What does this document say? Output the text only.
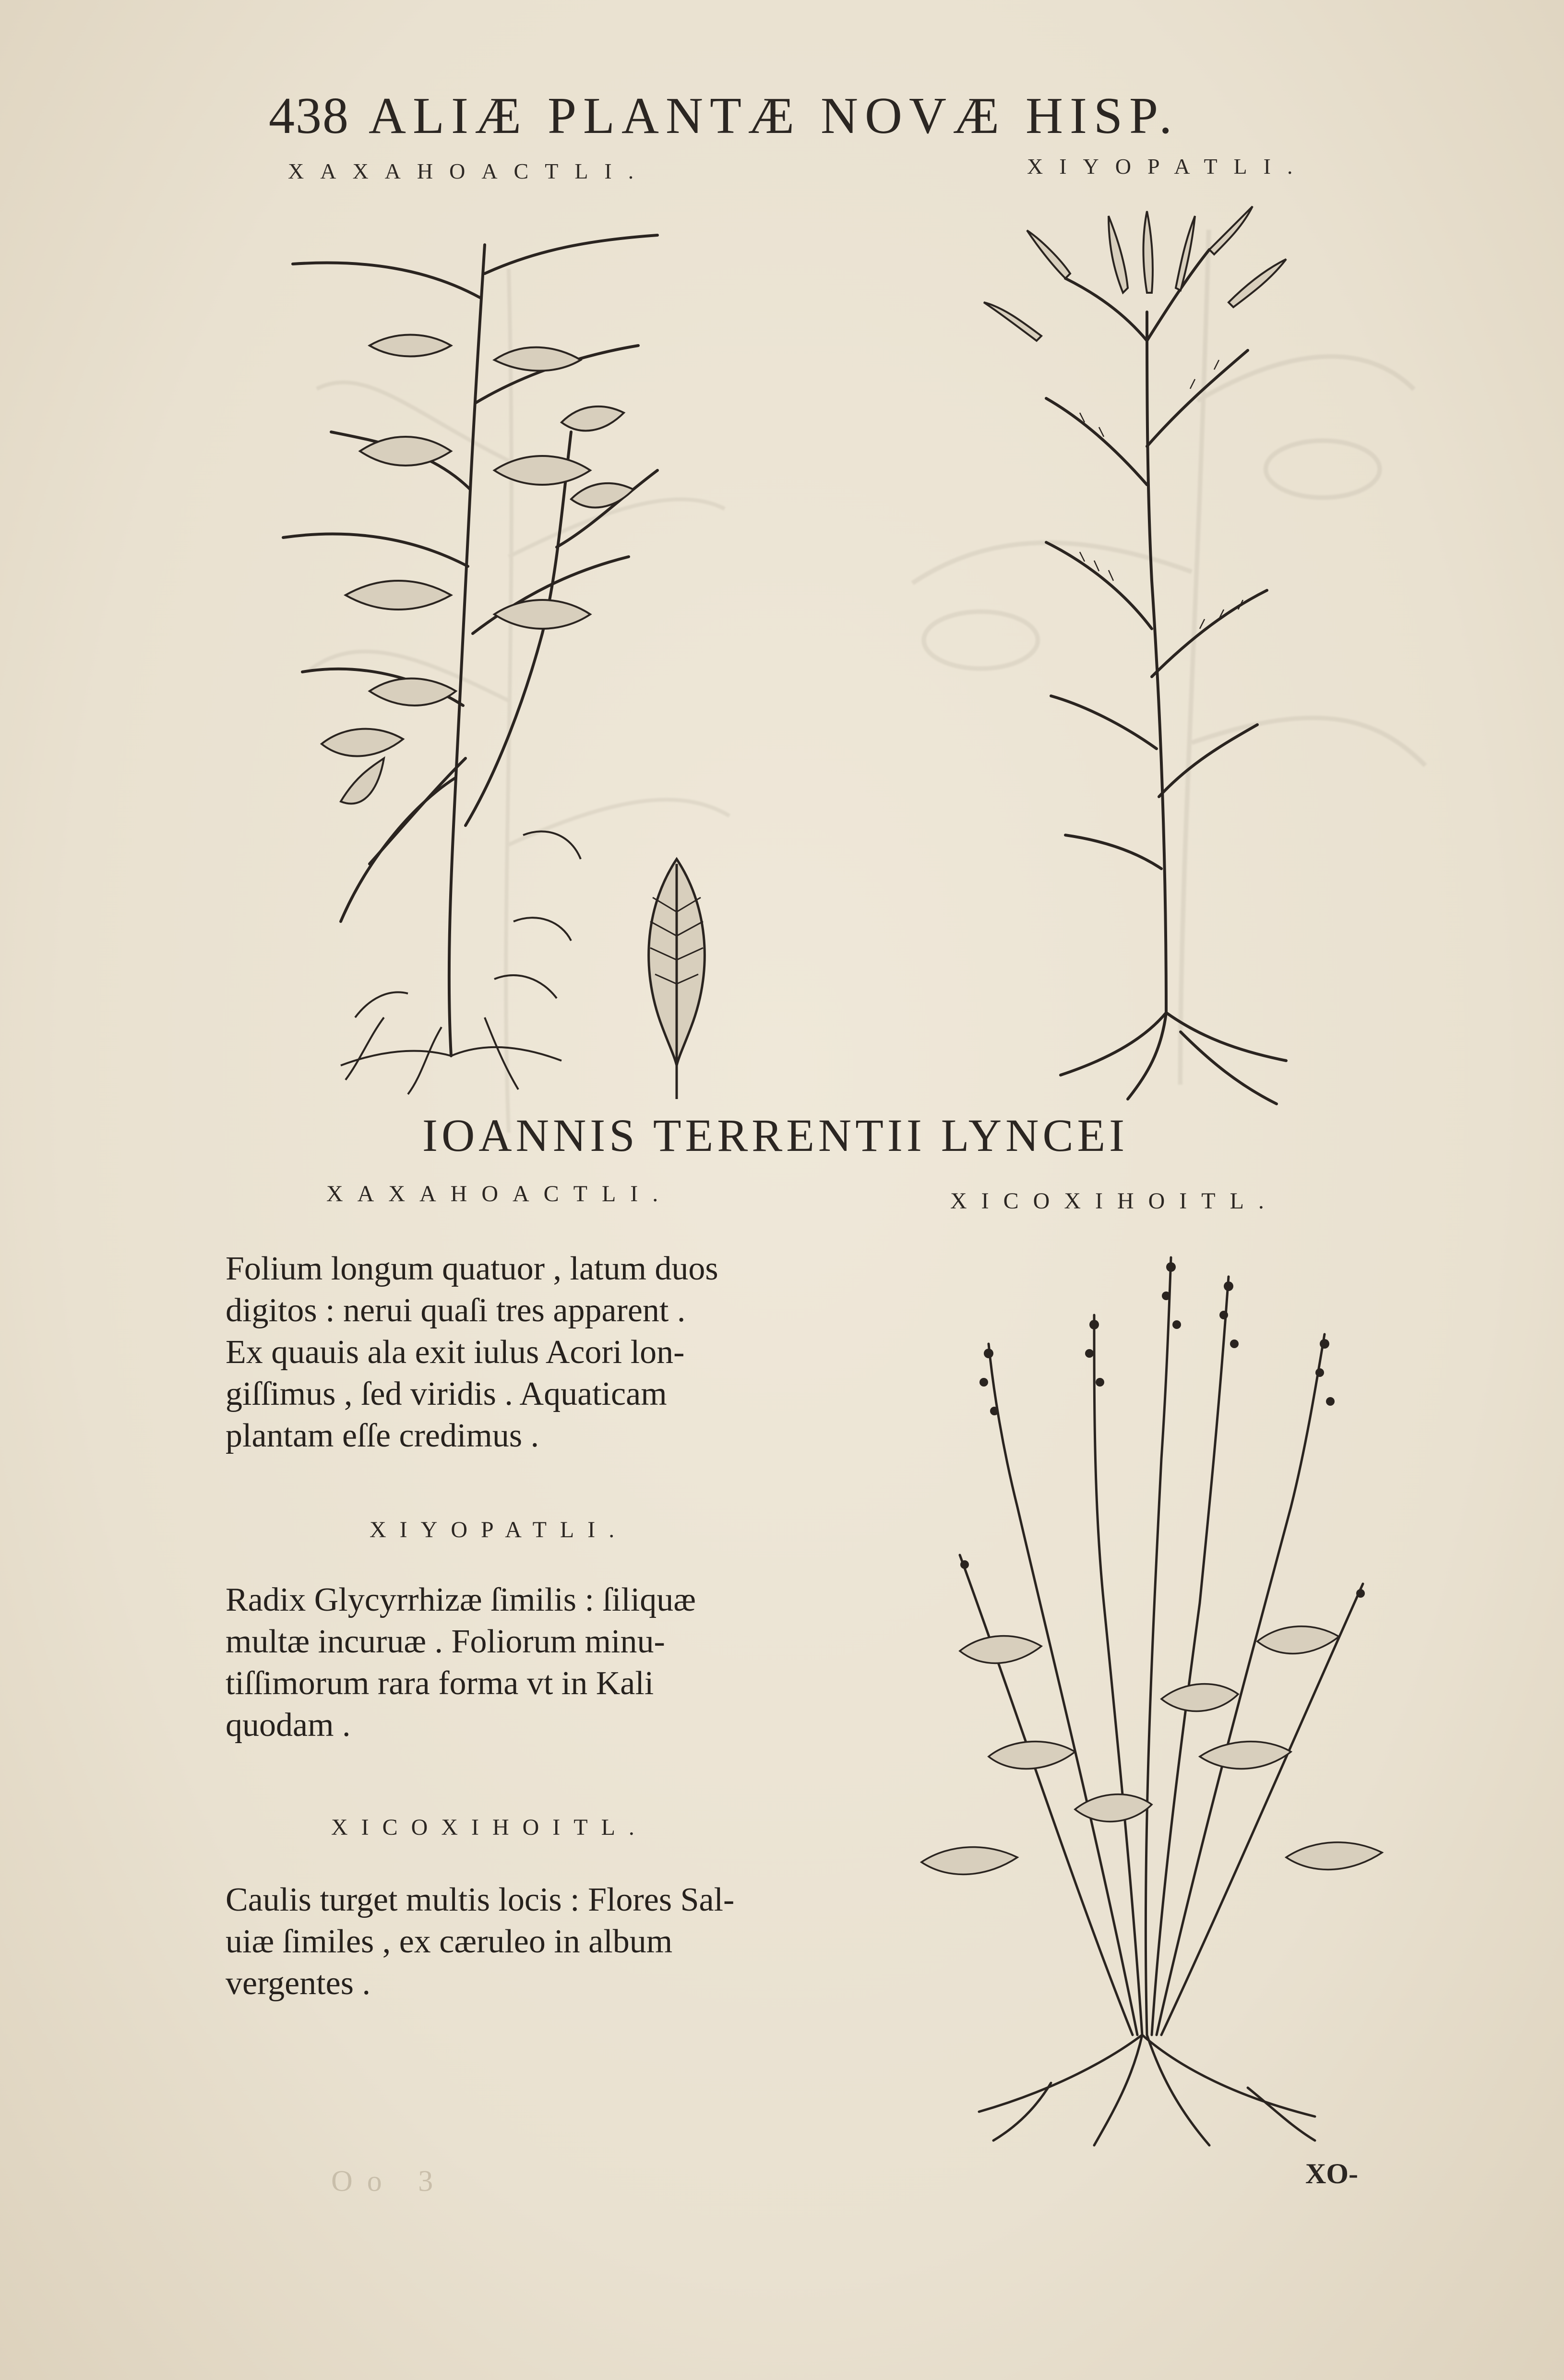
438 ALIÆ PLANTÆ NOVÆ HISP.
XAXAHOACTLI.	XIYOPATLI.
IOANNIS TERRENTII LYNCEI
XAXAHOACTLI.	XICOXIHOITL.

Folium longum quatuor , latum duos

digitos : nerui quaſi tres apparent .

Ex quauis ala exit iulus Acori lon-

giſſimus , ſed viridis . Aquaticam

plantam eſſe credimus .

XIYOPATLI.

Radix Glycyrrhizæ ſimilis : ſiliquæ

multæ incuruæ . Foliorum minu-

tiſſimorum rara forma vt in Kali

quodam .

XICOXIHOITL.

Caulis turget multis locis : Flores Sal-

uiæ ſimiles , ex cæruleo in album

vergentes .

Oo 3	XO-
